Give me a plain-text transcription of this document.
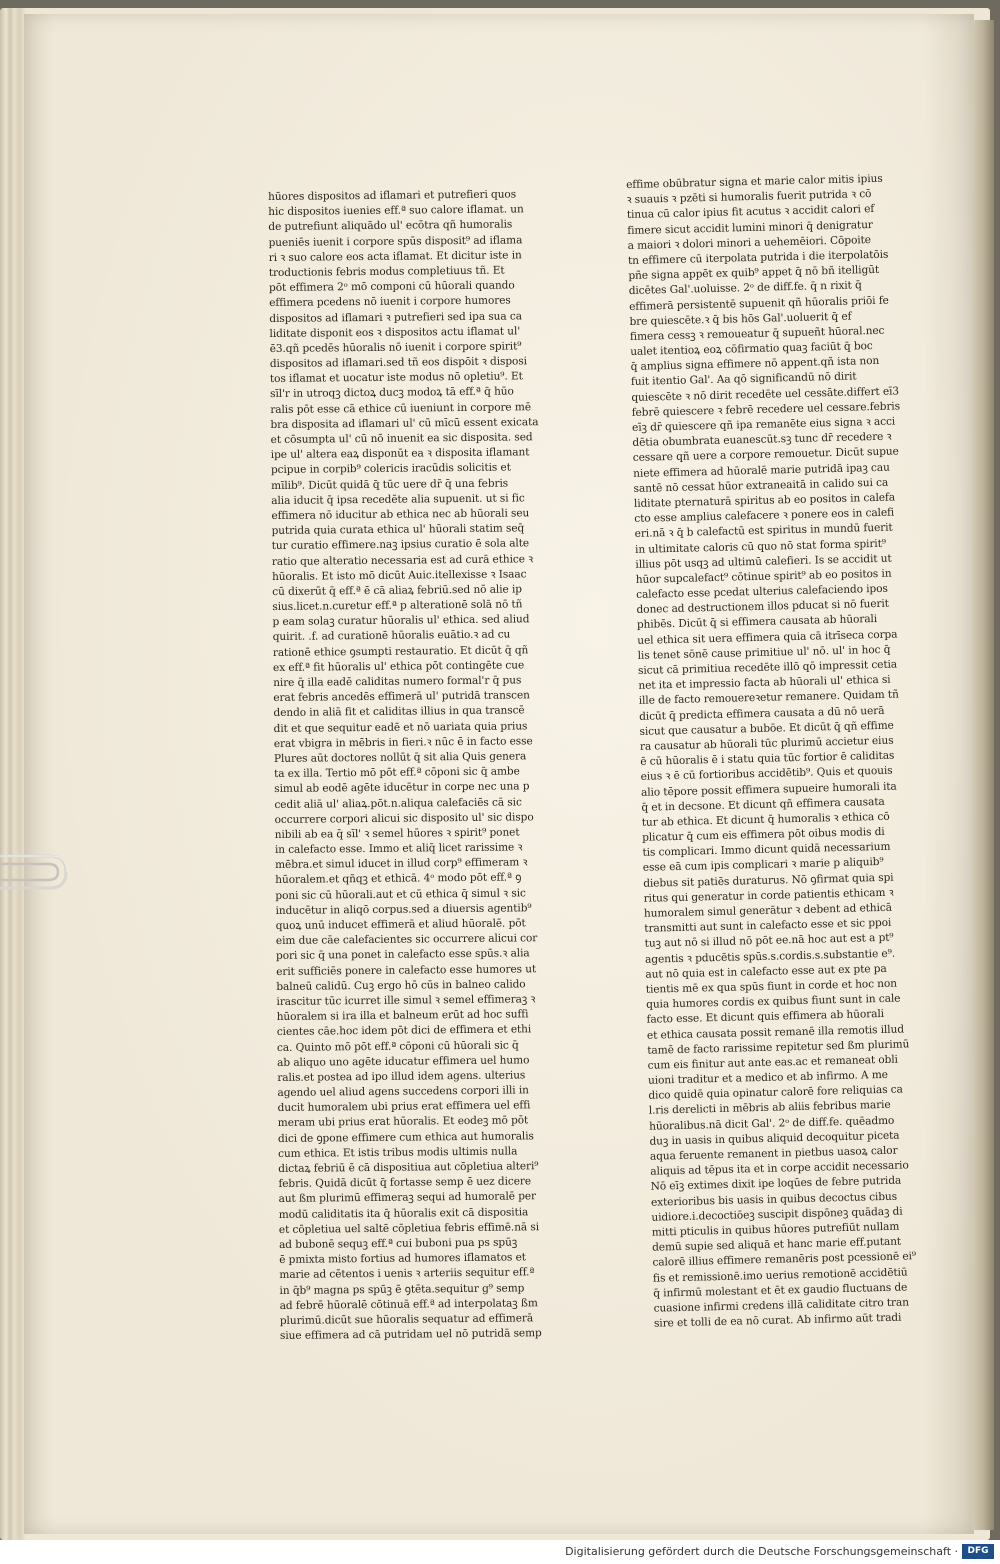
hūores dispositos ad iflamari et putrefieri quos
hic dispositos iuenies eff.ª suo calore iflamat. un
de putrefiunt aliquādo ul' ecōtra qñ humoralis
pueniēs iuenit i corpore spūs disposit⁹ ad iflama
ri ꝛ suo calore eos acta iflamat. Et dicitur iste in
troductionis febris modus completiuus tñ. Et
pōt effimera 2ᵒ mō componi cū hūorali quando
effimera pcedens nō iuenit i corpore humores
dispositos ad iflamari ꝛ putrefieri sed ipa sua ca
liditate disponit eos ꝛ dispositos actu iflamat ul'
ē3.qñ pcedēs hūoralis nō iuenit i corpore spirit⁹
dispositos ad iflamari.sed tñ eos dispōit ꝛ disposi
tos iflamat et uocatur iste modus nō opletiu⁹. Et
sīl'r in utroqꝫ dictoꝝ ducꝫ modoꝝ tā eff.ª q̄ hūo
ralis pōt esse cā ethice cū iueniunt in corpore mē
bra disposita ad iflamari ul' cū mīcū essent exicata
et cōsumpta ul' cū nō inuenit ea sic disposita. sed
ipe ul' altera eaꝝ disponūt ea ꝛ disposita iflamant
pcipue in corpib⁹ colericis iracūdis solicitis et
mīlib⁹. Dicūt quidā q̄ tūc uere dr̄ q̄ una febris
alia iducit q̄ ipsa recedēte alia supuenit. ut si fic
effimera nō iducitur ab ethica nec ab hūorali seu
putrida quia curata ethica ul' hūorali statim seq̄
tur curatio effimere.naꝫ ipsius curatio ē sola alte
ratio que alteratio necessaria est ad curā ethice ꝛ
hūoralis. Et isto mō dicūt Auic.itellexisse ꝛ Isaac
cū dixerūt q̄ eff.ª ē cā aliaꝝ febriū.sed nō alie ip
sius.licet.n.curetur eff.ª p alterationē solā nō tñ
p eam solaꝫ curatur hūoralis ul' ethica. sed aliud
quirit. .f. ad curationē hūoralis euātio.ꝛ ad cu
rationē ethice ꝯsumpti restauratio. Et dicūt q̄ qñ
ex eff.ª fit hūoralis ul' ethica pōt contingēte cue
nire q̄ illa eadē caliditas numero formal'r q̄ pus
erat febris ancedēs effimerā ul' putridā transcen
dendo in aliā fit et caliditas illius in qua transcē
dit et que sequitur eadē et nō uariata quia prius
erat vbigra in mēbris in fieri.ꝛ nūc ē in facto esse
Plures aūt doctores nollūt q̄ sit alia Quis genera
ta ex illa. Tertio mō pōt eff.ª cōponi sic q̄ ambe
simul ab eodē agēte iducētur in corpe nec una p
cedit aliā ul' aliaꝝ.pōt.n.aliqua calefaciēs cā sic
occurrere corpori alicui sic disposito ul' sic dispo
nibili ab ea q̄ sīl' ꝛ semel hūores ꝛ spirit⁹ ponet
in calefacto esse. Immo et aliq̄ licet rarissime ꝛ
mēbra.et simul iducet in illud corp⁹ effimeram ꝛ
hūoralem.et qñqꝫ et ethicā. 4ᵒ modo pōt eff.ª ꝯ
poni sic cū hūorali.aut et cū ethica q̄ simul ꝛ sic
inducētur in aliqō corpus.sed a diuersis agentib⁹
quoꝝ unū inducet effimerā et aliud hūoralē. pōt
eim due cāe calefacientes sic occurrere alicui cor
pori sic q̄ una ponet in calefacto esse spūs.ꝛ alia
erit sufficiēs ponere in calefacto esse humores ut
balneū calidū. Cuꝫ ergo hō cūs in balneo calido
irascitur tūc icurret ille simul ꝛ semel effimeraꝫ ꝛ
hūoralem si ira illa et balneum erūt ad hoc suffi
cientes cāe.hoc idem pōt dici de effimera et ethi
ca. Quinto mō pōt eff.ª cōponi cū hūorali sic q̄
ab aliquo uno agēte iducatur effimera uel humo
ralis.et postea ad ipo illud idem agens. ulterius
agendo uel aliud agens succedens corpori illi in
ducit humoralem ubi prius erat effimera uel effi
meram ubi prius erat hūoralis. Et eodeꝫ mō pōt
dici de ꝯpone effimere cum ethica aut humoralis
cum ethica. Et istis tribus modis ultimis nulla
dictaꝝ febriū ē cā dispositiua aut cōpletiua alteri⁹
febris. Quidā dicūt q̄ fortasse semp ē uez dicere
aut ßm plurimū effimeraꝫ sequi ad humoralē per
modū caliditatis ita q̄ hūoralis exit cā dispositia
et cōpletiua uel saltē cōpletiua febris effimē.nā si
ad bubonē sequꝫ eff.ª cui buboni pua ps spūꝫ
ē pmixta misto fortius ad humores iflamatos et
marie ad cētentos i uenis ꝛ arteriis sequitur eff.ª
in q̄b⁹ magna ps spūꝫ ē ꝯtēta.sequitur g⁹ semp
ad febrē hūoralē cōtinuā eff.ª ad interpolataꝫ ßm
plurimū.dicūt sue hūoralis sequatur ad effimerā
siue effimera ad cā putridam uel nō putridā semp
effime obūbratur signa et marie calor mitis ipius
ꝛ suauis ꝛ pzēti si humoralis fuerit putrida ꝛ cō
tinua cū calor ipius fit acutus ꝛ accidit calori ef
fimere sicut accidit lumini minori q̄ denigratur
a maiori ꝛ dolori minori a uehemēiori. Cōpoite
tn effimere cū iterpolata putrida i die iterpolatōis
pñe signa appēt ex quib⁹ appet q̄ nō bñ itelligūt
dicētes Gal'.uoluisse. 2ᵒ de diff.fe. q̄ n rixit q̄
effimerā persistentē supuenit qñ hūoralis priōi fe
bre quiescēte.ꝛ q̄ bis hōs Gal'.uoluerit q̄ ef
fimera cessꝫ ꝛ remoueatur q̄ supueñt hūoral.nec
ualet itentioꝝ eoꝝ cōfirmatio quaꝫ faciūt q̄ boc
q̄ amplius signa effimere nō appent.qñ ista non
fuit itentio Gal'. Aa qō significandū nō dirit
quiescēte ꝛ nō dirit recedēte uel cessāte.differt eī3
febrē quiescere ꝛ febrē recedere uel cessare.febris
eīꝫ dr̄ quiescere qñ ipa remanēte eius signa ꝛ acci
dētia obumbrata euanescūt.sꝫ tunc dr̄ recedere ꝛ
cessare qñ uere a corpore remouetur. Dicūt supue
niete effimera ad hūoralē marie putridā ipaꝫ cau
santē nō cessat hūor extraneaitā in calido sui ca
liditate pternaturā spiritus ab eo positos in calefa
cto esse amplius calefacere ꝛ ponere eos in calefi
eri.nā ꝛ q̄ b calefactū est spiritus in mundū fuerit
in ultimitate caloris cū quo nō stat forma spirit⁹
illius pōt usqꝫ ad ultimū calefieri. Is se accidit ut
hūor supcalefact⁹ cōtinue spirit⁹ ab eo positos in
calefacto esse pcedat ulterius calefaciendo ipos
donec ad destructionem illos pducat si nō fuerit
phibēs. Dicūt q̄ si effimera causata ab hūorali
uel ethica sit uera effimera quia cā itrīseca corpa
lis tenet sōnē cause primitiue ul' nō. ul' in hoc q̄
sicut cā primitiua recedēte illō qō impressit cetia
net ita et impressio facta ab hūorali ul' ethica si
ille de facto remouereꝛetur remanere. Quidam tñ
dicūt q̄ predicta effimera causata a dū nō uerā
sicut que causatur a bubōe. Et dicūt q̄ qñ effime
ra causatur ab hūorali tūc plurimū accietur eius
ē cū hūoralis ē i statu quia tūc fortior ē caliditas
eius ꝛ ē cū fortioribus accidētib⁹. Quis et quouis
alio tēpore possit effimera supueire humorali ita
q̄ et in decsone. Et dicunt qñ effimera causata
tur ab ethica. Et dicunt q̄ humoralis ꝛ ethica cō
plicatur q̄ cum eis effimera pōt oibus modis di
tis complicari. Immo dicunt quidā necessarium
esse eā cum ipis complicari ꝛ marie p aliquib⁹
diebus sit patiēs duraturus. Nō ꝯfirmat quia spi
ritus qui generatur in corde patientis ethicam ꝛ
humoralem simul generātur ꝛ debent ad ethicā
transmitti aut sunt in calefacto esse et sic ppoi
tuꝫ aut nō si illud nō pōt ee.nā hoc aut est a pt⁹
agentis ꝛ pducētis spūs.s.cordis.s.substantie e⁹.
aut nō quia est in calefacto esse aut ex pte pa
tientis mē ex qua spūs fiunt in corde et hoc non
quia humores cordis ex quibus fiunt sunt in cale
facto esse. Et dicunt quis effimera ab hūorali
et ethica causata possit remanē illa remotis illud
tamē de facto rarissime repitetur sed ßm plurimū
cum eis finitur aut ante eas.ac et remaneat obli
uioni traditur et a medico et ab infirmo. A me
dico quidē quia opinatur calorē fore reliquias ca
l.ris derelicti in mēbris ab aliis febribus marie
hūoralibus.nā dicit Gal'. 2ᵒ de diff.fe. quēadmo
duꝫ in uasis in quibus aliquid decoquitur piceta
aqua feruente remanent in pietbus uasoꝝ calor
aliquis ad tēpus ita et in corpe accidit necessario
Nō eīꝫ extimes dixit ipe loqūes de febre putrida
exterioribus bis uasis in quibus decoctus cibus
uidiore.i.decoctiōeꝫ suscipit dispōneꝫ quādaꝫ di
mitti pticulis in quibus hūores putrefiūt nullam
demū supie sed aliquā et hanc marie eff.putant
calorē illius effimere remanēris post pcessionē ei⁹
fis et remissionē.imo uerius remotionē accidētiū
q̄ infirmū molestant et ēt ex gaudio fluctuans de
cuasione infirmi credens illā caliditate citro tran
sire et tolli de ea nō curat. Ab infirmo aūt tradi
Digitalisierung gefördert durch die Deutsche Forschungsgemeinschaft ·	DFG
